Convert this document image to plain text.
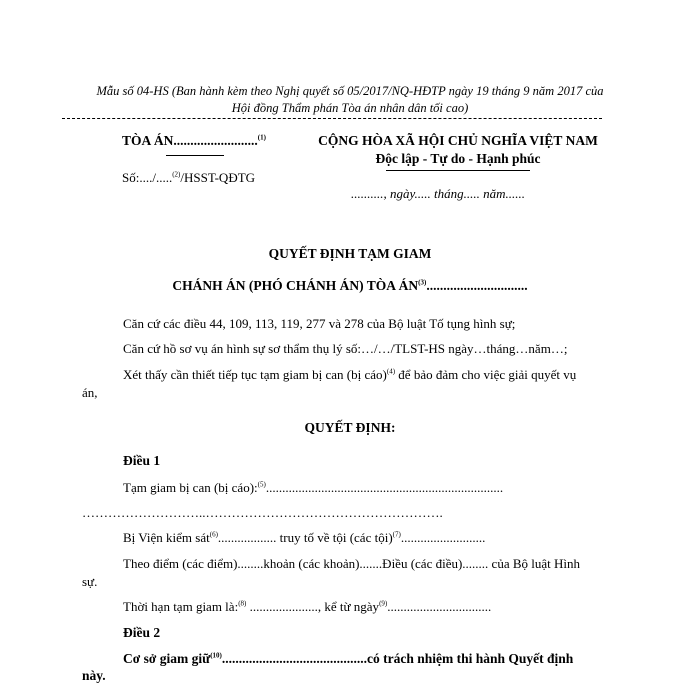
Mẫu số 04-HS (Ban hành kèm theo Nghị quyết số 05/2017/NQ-HĐTP ngày 19 tháng 9 năm 2017 của
Hội đồng Thẩm phán Tòa án nhân dân tối cao)
TÒA ÁN.........................$^{(1)}$
Số:..../.....$^{(2)}$/HSST-QĐTG
CỘNG HÒA XÃ HỘI CHỦ NGHĨA VIỆT NAM
Độc lập - Tự do - Hạnh phúc
.........., ngày..... tháng..... năm......
QUYẾT ĐỊNH TẠM GIAM
CHÁNH ÁN (PHÓ CHÁNH ÁN) TÒA ÁN$^{(3)}$..............................
Căn cứ các điều 44, 109, 113, 119, 277 và 278 của Bộ luật Tố tụng hình sự;
Căn cứ hồ sơ vụ án hình sự sơ thẩm thụ lý số:…/…/TLST-HS ngày…tháng…năm…;
Xét thấy cần thiết tiếp tục tạm giam bị can (bị cáo)$^{(4)}$ để bảo đảm cho việc giải quyết vụ
án,
QUYẾT ĐỊNH:
Điều 1
Tạm giam bị can (bị cáo):$^{(5)}$.........................................................................
………………………..……………………………………………….
Bị Viện kiểm sát$^{(6)}$.................. truy tố về tội (các tội)$^{(7)}$..........................
Theo điểm (các điểm)........khoản (các khoản).......Điều (các điều)........ của Bộ luật Hình
sự.
Thời hạn tạm giam là:$^{(8)}$ ....................., kể từ ngày$^{(9)}$................................
Điều 2
Cơ sở giam giữ$^{(10)}$...........................................có trách nhiệm thi hành Quyết định
này.
